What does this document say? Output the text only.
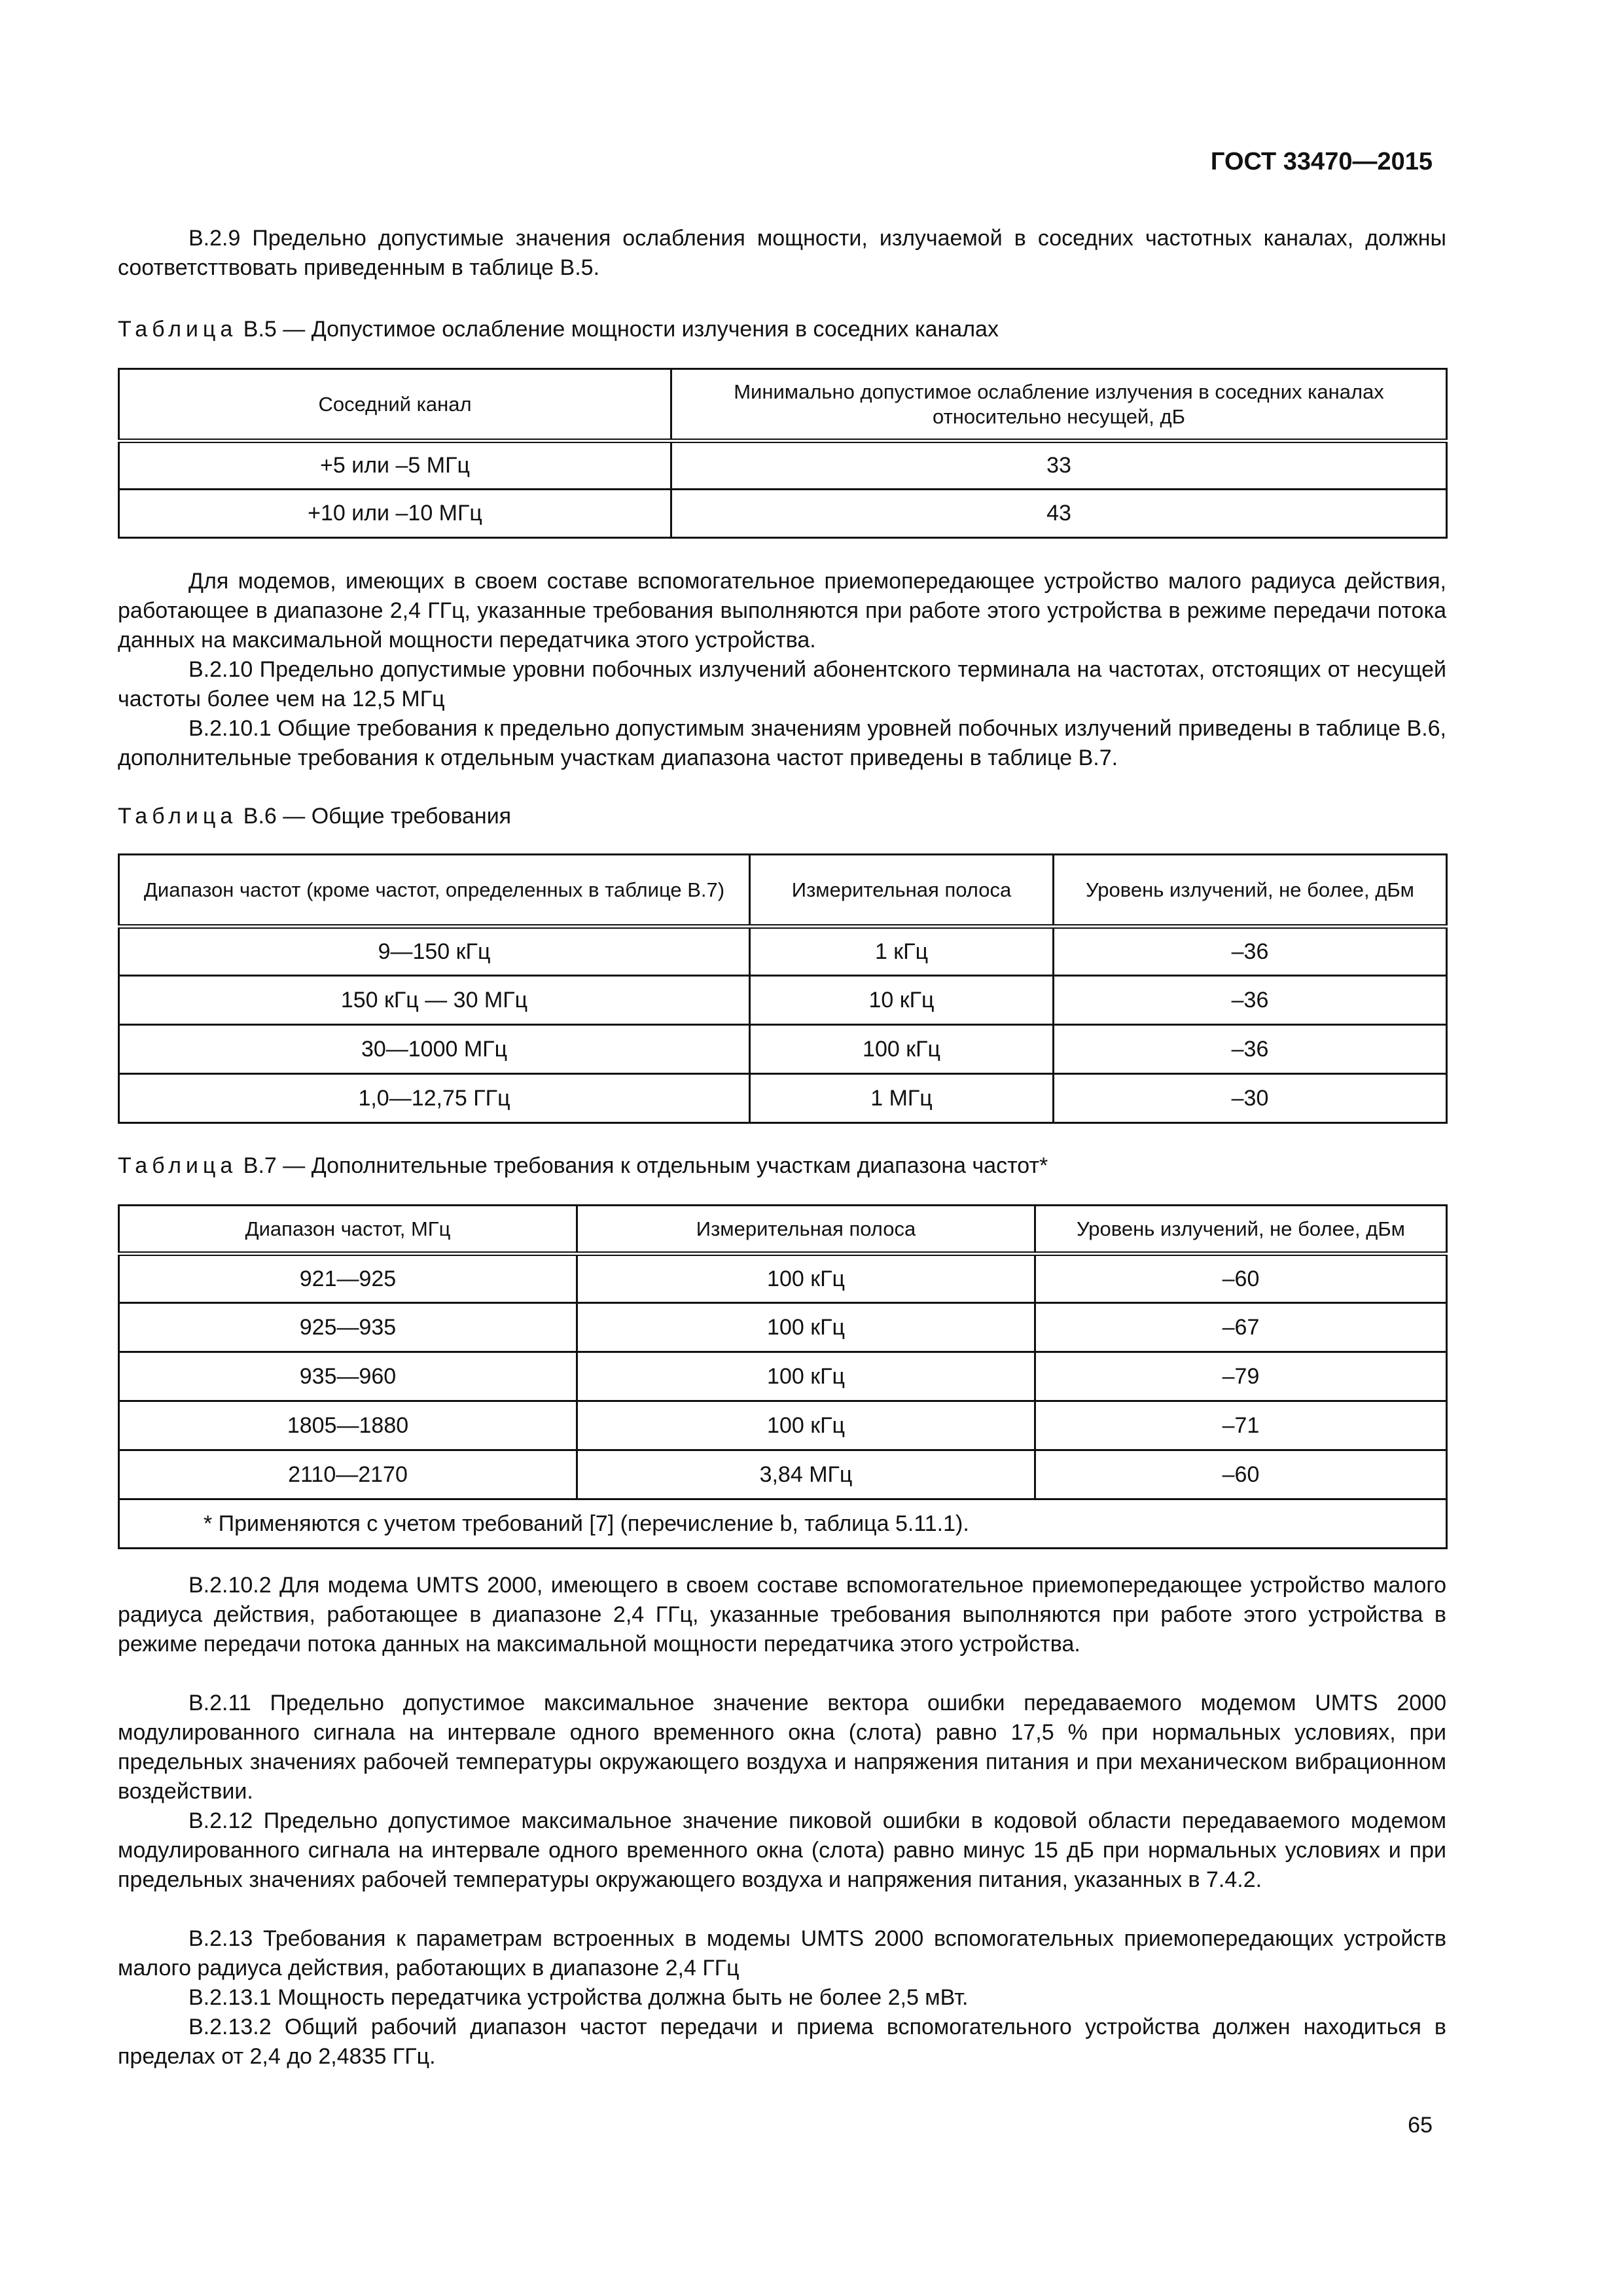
ГОСТ 33470—2015
В.2.9 Предельно допустимые значения ослабления мощности, излучаемой в соседних частотных каналах, должны соответсттвовать приведенным в таблице В.5.
Таблица В.5 — Допустимое ослабление мощности излучения в соседних каналах
Соседний канал	Минимально допустимое ослабление излучения в соседних каналах относительно несущей, дБ
+5 или –5 МГц	33
+10 или –10 МГц	43
Для модемов, имеющих в своем составе вспомогательное приемопередающее устройство малого радиуса действия, работающее в диапазоне 2,4 ГГц, указанные требования выполняются при работе этого устройства в режиме передачи потока данных на максимальной мощности передатчика этого устройства.
В.2.10 Предельно допустимые уровни побочных излучений абонентского терминала на частотах, отстоящих от несущей частоты более чем на 12,5 МГц
В.2.10.1 Общие требования к предельно допустимым значениям уровней побочных излучений приведены в таблице В.6, дополнительные требования к отдельным участкам диапазона частот приведены в таблице В.7.
Таблица В.6 — Общие требования
Диапазон частот (кроме частот, определенных в таблице В.7)	Измерительная полоса	Уровень излучений, не более, дБм
9—150 кГц	1 кГц	–36
150 кГц — 30 МГц	10 кГц	–36
30—1000 МГц	100 кГц	–36
1,0—12,75 ГГц	1 МГц	–30
Таблица В.7 — Дополнительные требования к отдельным участкам диапазона частот*
Диапазон частот, МГц	Измерительная полоса	Уровень излучений, не более, дБм
921—925	100 кГц	–60
925—935	100 кГц	–67
935—960	100 кГц	–79
1805—1880	100 кГц	–71
2110—2170	3,84 МГц	–60
* Применяются с учетом требований [7] (перечисление b, таблица 5.11.1).		
В.2.10.2 Для модема UMTS 2000, имеющего в своем составе вспомогательное приемопередающее устройство малого радиуса действия, работающее в диапазоне 2,4 ГГц, указанные требования выполняются при работе этого устройства в режиме передачи потока данных на максимальной мощности передатчика этого устройства.
В.2.11 Предельно допустимое максимальное значение вектора ошибки передаваемого модемом UMTS 2000 модулированного сигнала на интервале одного временного окна (слота) равно 17,5 % при нормальных условиях, при предельных значениях рабочей температуры окружающего воздуха и напряжения питания и при механическом вибрационном воздействии.
В.2.12 Предельно допустимое максимальное значение пиковой ошибки в кодовой области передаваемого модемом модулированного сигнала на интервале одного временного окна (слота) равно минус 15 дБ при нормальных условиях и при предельных значениях рабочей температуры окружающего воздуха и напряжения питания, указанных в 7.4.2.
В.2.13 Требования к параметрам встроенных в модемы UMTS 2000 вспомогательных приемопередающих устройств малого радиуса действия, работающих в диапазоне 2,4 ГГц
В.2.13.1 Мощность передатчика устройства должна быть не более 2,5 мВт.
В.2.13.2 Общий рабочий диапазон частот передачи и приема вспомогательного устройства должен находиться в пределах от 2,4 до 2,4835 ГГц.
65
